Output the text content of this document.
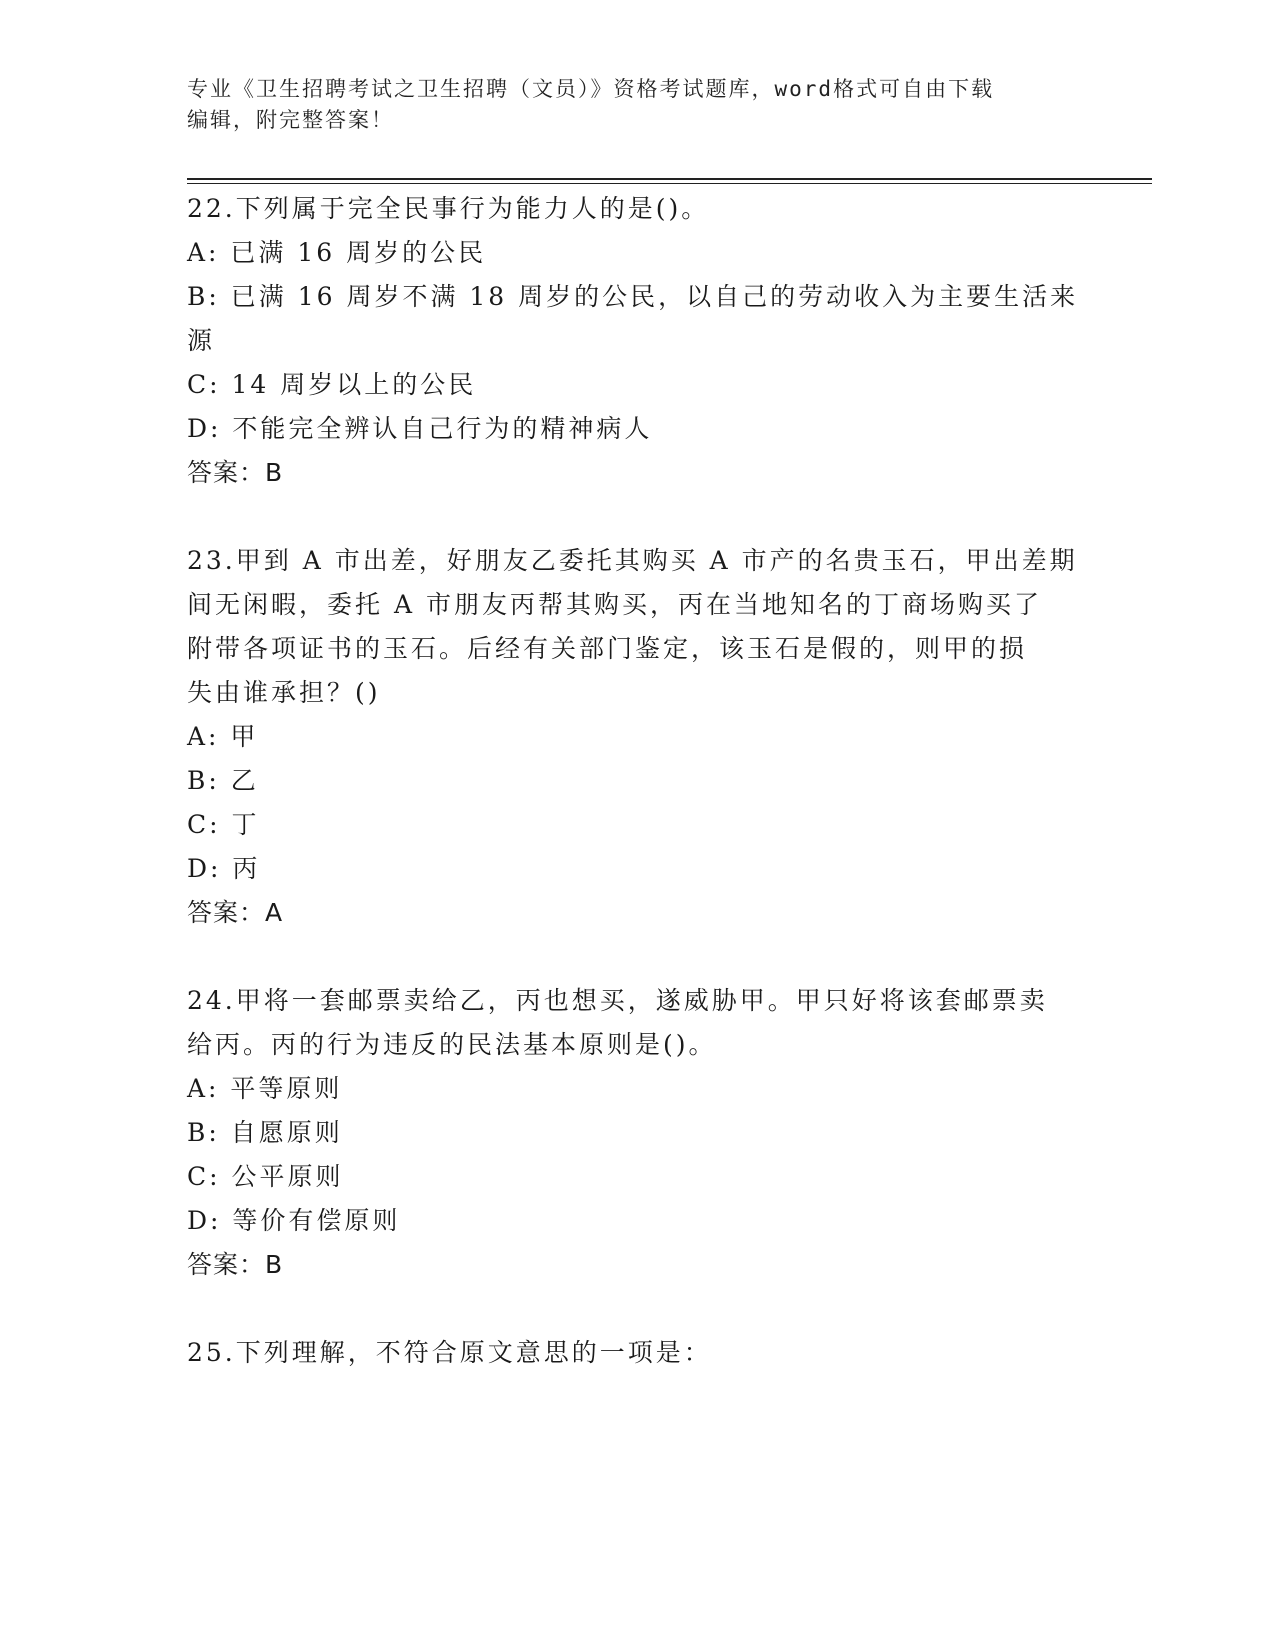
专业《卫生招聘考试之卫生招聘（文员）》资格考试题库，word格式可自由下载
编辑，附完整答案！
22.下列属于完全民事行为能力人的是()。
A: 已满 16 周岁的公民
B: 已满 16 周岁不满 18 周岁的公民，以自己的劳动收入为主要生活来
源
C: 14 周岁以上的公民
D: 不能完全辨认自己行为的精神病人
答案：B
23.甲到 A 市出差，好朋友乙委托其购买 A 市产的名贵玉石，甲出差期
间无闲暇，委托 A 市朋友丙帮其购买，丙在当地知名的丁商场购买了
附带各项证书的玉石。后经有关部门鉴定，该玉石是假的，则甲的损
失由谁承担？()
A: 甲
B: 乙
C: 丁
D: 丙
答案：A
24.甲将一套邮票卖给乙，丙也想买，遂威胁甲。甲只好将该套邮票卖
给丙。丙的行为违反的民法基本原则是()。
A: 平等原则
B: 自愿原则
C: 公平原则
D: 等价有偿原则
答案：B
25.下列理解，不符合原文意思的一项是：
